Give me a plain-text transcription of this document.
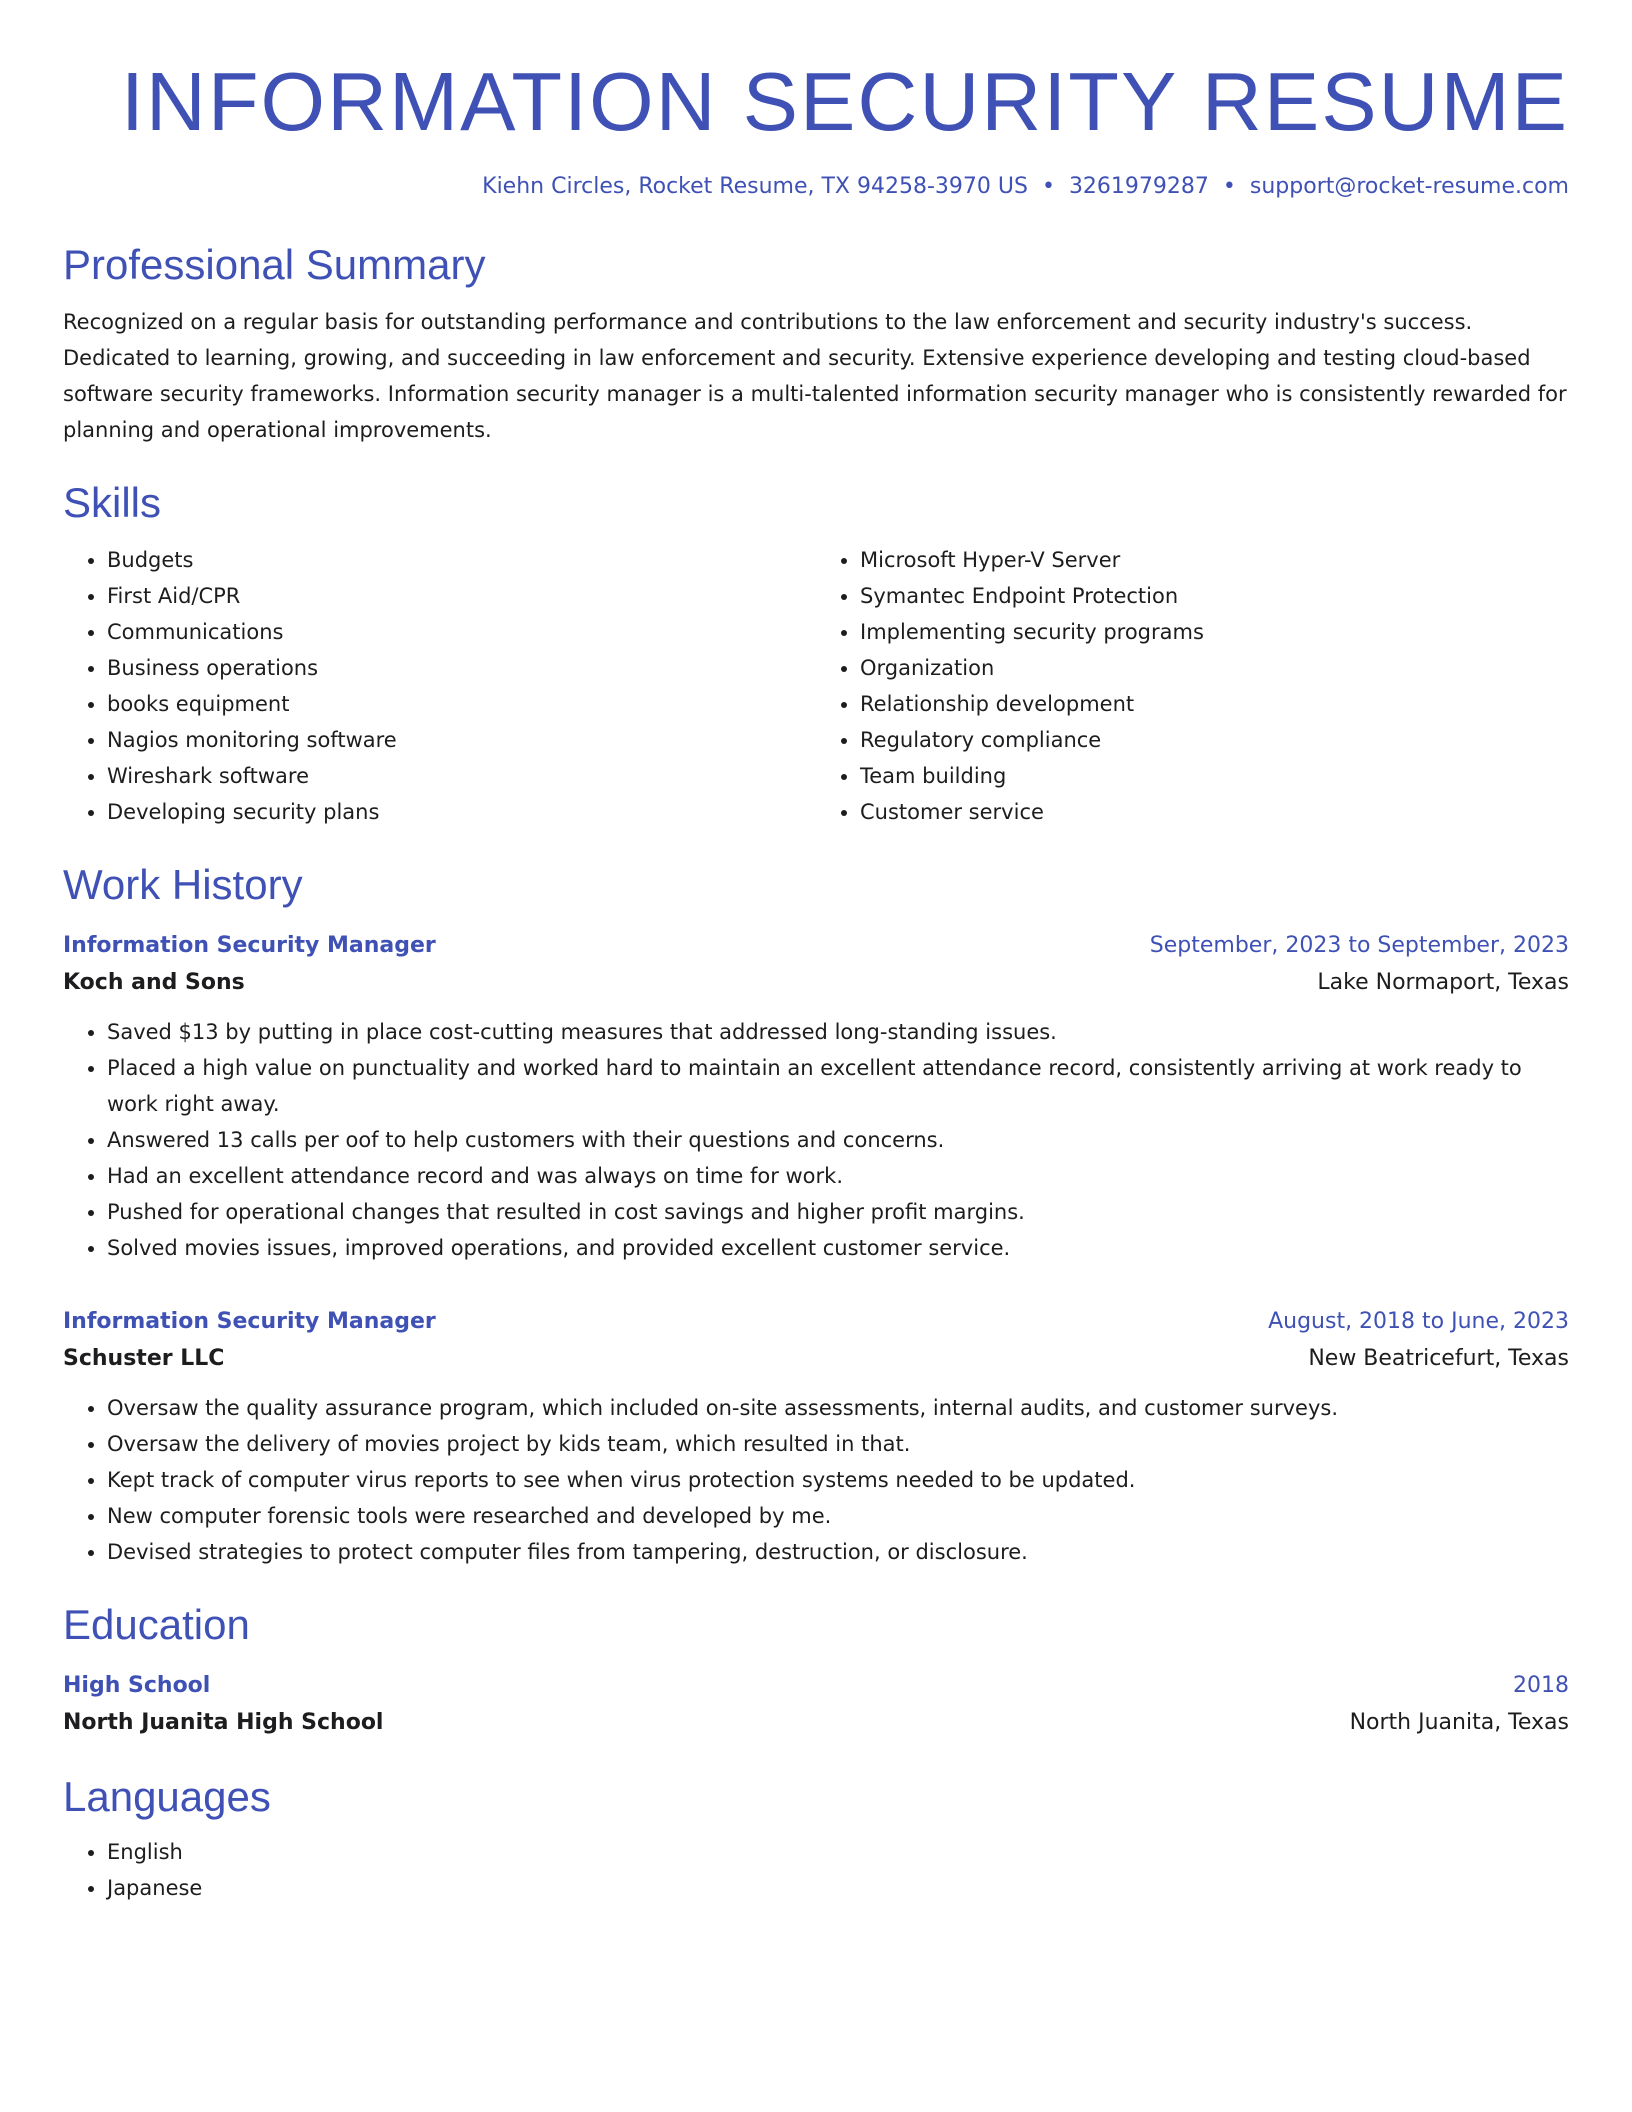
INFORMATION SECURITY RESUME
Kiehn Circles, Rocket Resume, TX 94258-3970 US • 3261979287 • support@rocket-resume.com
Professional Summary

Recognized on a regular basis for outstanding performance and contributions to the law enforcement and security industry's success. Dedicated to learning, growing, and succeeding in law enforcement and security. Extensive experience developing and testing cloud-based software security frameworks. Information security manager is a multi-talented information security manager who is consistently rewarded for planning and operational improvements.

Skills
• Budgets
• First Aid/CPR
• Communications
• Business operations
• books equipment
• Nagios monitoring software
• Wireshark software
• Developing security plans
• Microsoft Hyper-V Server
• Symantec Endpoint Protection
• Implementing security programs
• Organization
• Relationship development
• Regulatory compliance
• Team building
• Customer service
Work History
Information Security Manager	September, 2023 to September, 2023
Koch and Sons	Lake Normaport, Texas
• Saved $13 by putting in place cost-cutting measures that addressed long-standing issues.
• Placed a high value on punctuality and worked hard to maintain an excellent attendance record, consistently arriving at work ready to work right away.
• Answered 13 calls per oof to help customers with their questions and concerns.
• Had an excellent attendance record and was always on time for work.
• Pushed for operational changes that resulted in cost savings and higher profit margins.
• Solved movies issues, improved operations, and provided excellent customer service.
Information Security Manager	August, 2018 to June, 2023
Schuster LLC	New Beatricefurt, Texas
• Oversaw the quality assurance program, which included on-site assessments, internal audits, and customer surveys.
• Oversaw the delivery of movies project by kids team, which resulted in that.
• Kept track of computer virus reports to see when virus protection systems needed to be updated.
• New computer forensic tools were researched and developed by me.
• Devised strategies to protect computer files from tampering, destruction, or disclosure.
Education
High School	2018
North Juanita High School	North Juanita, Texas
Languages
• English
• Japanese
